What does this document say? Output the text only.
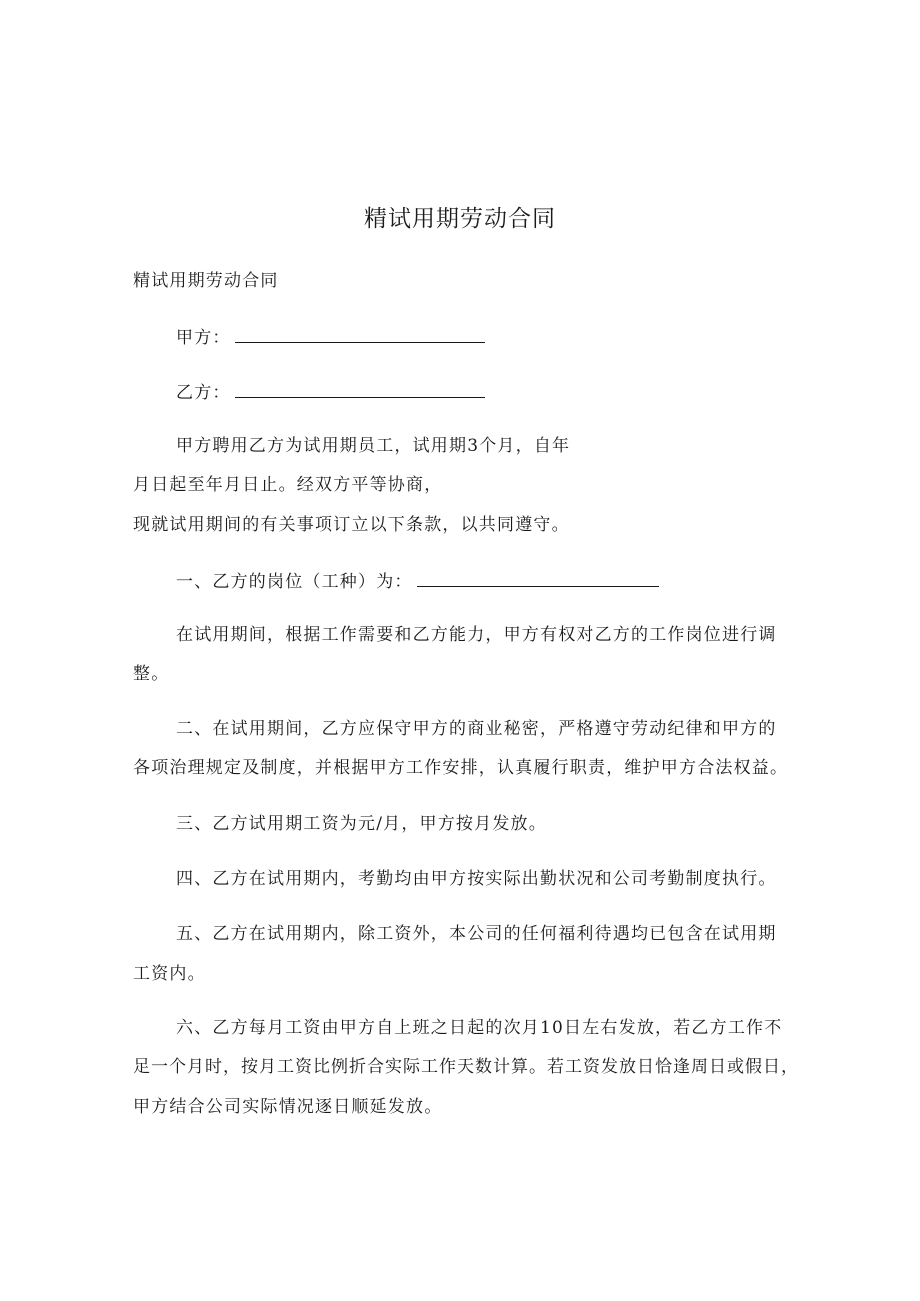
精试用期劳动合同
精试用期劳动合同
甲方：
乙方：
甲方聘用乙方为试用期员工，试用期3个月，自年
月日起至年月日止。经双方平等协商，
现就试用期间的有关事项订立以下条款，以共同遵守。
一、乙方的岗位（工种）为：
在试用期间，根据工作需要和乙方能力，甲方有权对乙方的工作岗位进行调
整。
二、在试用期间，乙方应保守甲方的商业秘密，严格遵守劳动纪律和甲方的
各项治理规定及制度，并根据甲方工作安排，认真履行职责，维护甲方合法权益。
三、乙方试用期工资为元/月，甲方按月发放。
四、乙方在试用期内，考勤均由甲方按实际出勤状况和公司考勤制度执行。
五、乙方在试用期内，除工资外，本公司的任何福利待遇均已包含在试用期
工资内。
六、乙方每月工资由甲方自上班之日起的次月10日左右发放，若乙方工作不
足一个月时，按月工资比例折合实际工作天数计算。若工资发放日恰逢周日或假日，
甲方结合公司实际情况逐日顺延发放。
